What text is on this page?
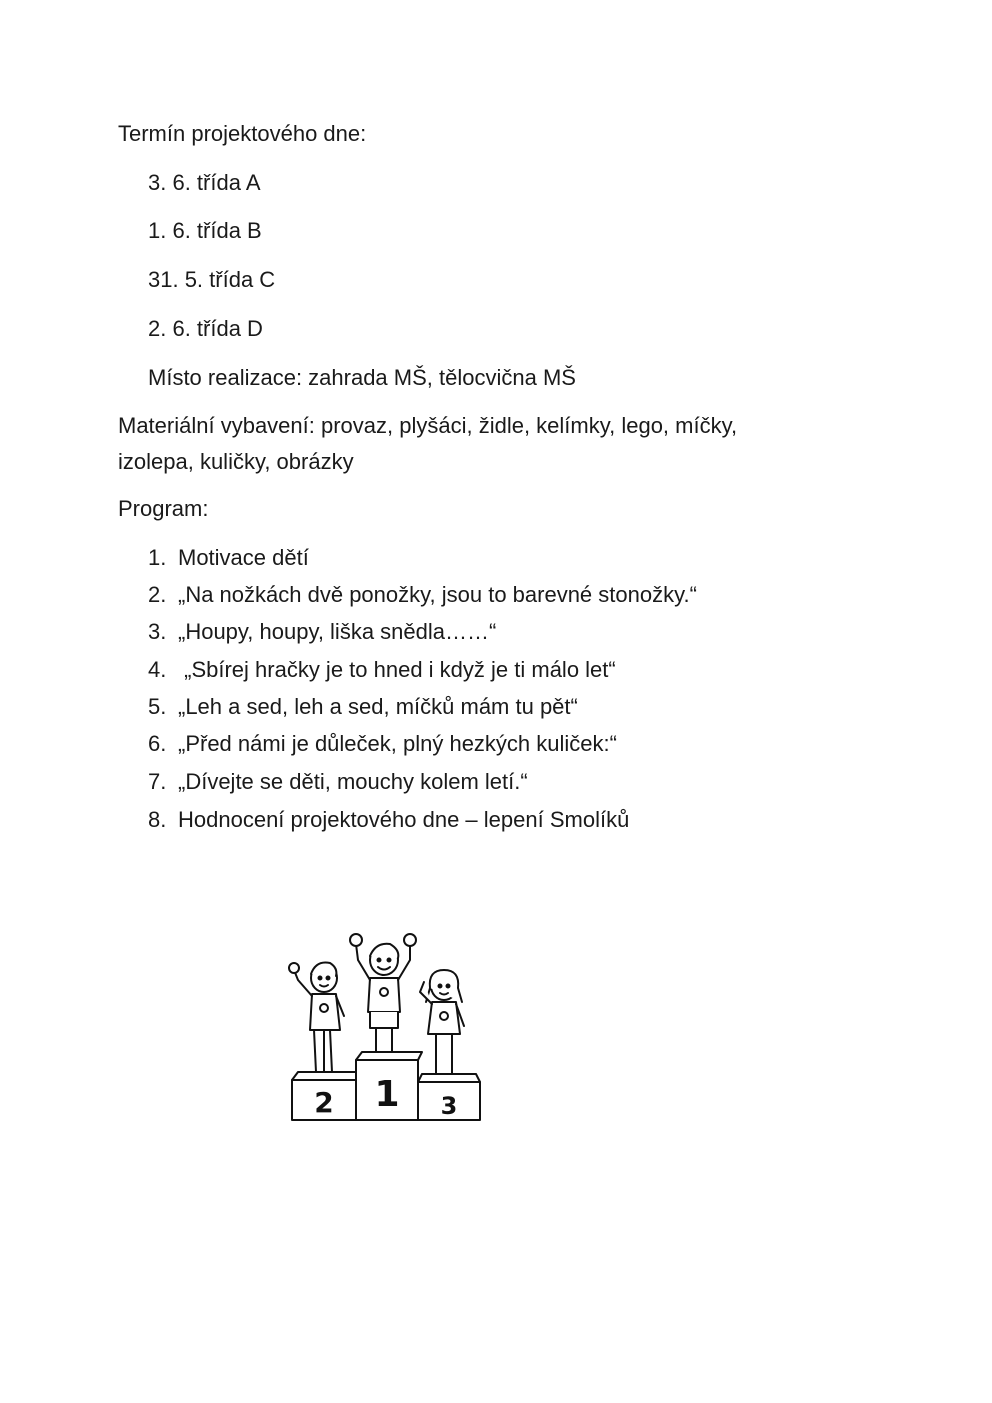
Termín projektového dne:
3. 6. třída A
1. 6. třída B
31. 5. třída C
2. 6. třída D
Místo realizace: zahrada MŠ, tělocvična MŠ
Materiální vybavení: provaz, plyšáci, židle, kelímky, lego, míčky,
izolepa, kuličky, obrázky
Program:
1. Motivace dětí
2. „Na nožkách dvě ponožky, jsou to barevné stonožky.“
3. „Houpy, houpy, liška snědla……“
4. „Sbírej hračky je to hned i když je ti málo let“
5. „Leh a sed, leh a sed, míčků mám tu pět“
6. „Před námi je důleček, plný hezkých kuliček:“
7. „Dívejte se děti, mouchy kolem letí.“
8. Hodnocení projektového dne – lepení Smolíků
2 1 3
